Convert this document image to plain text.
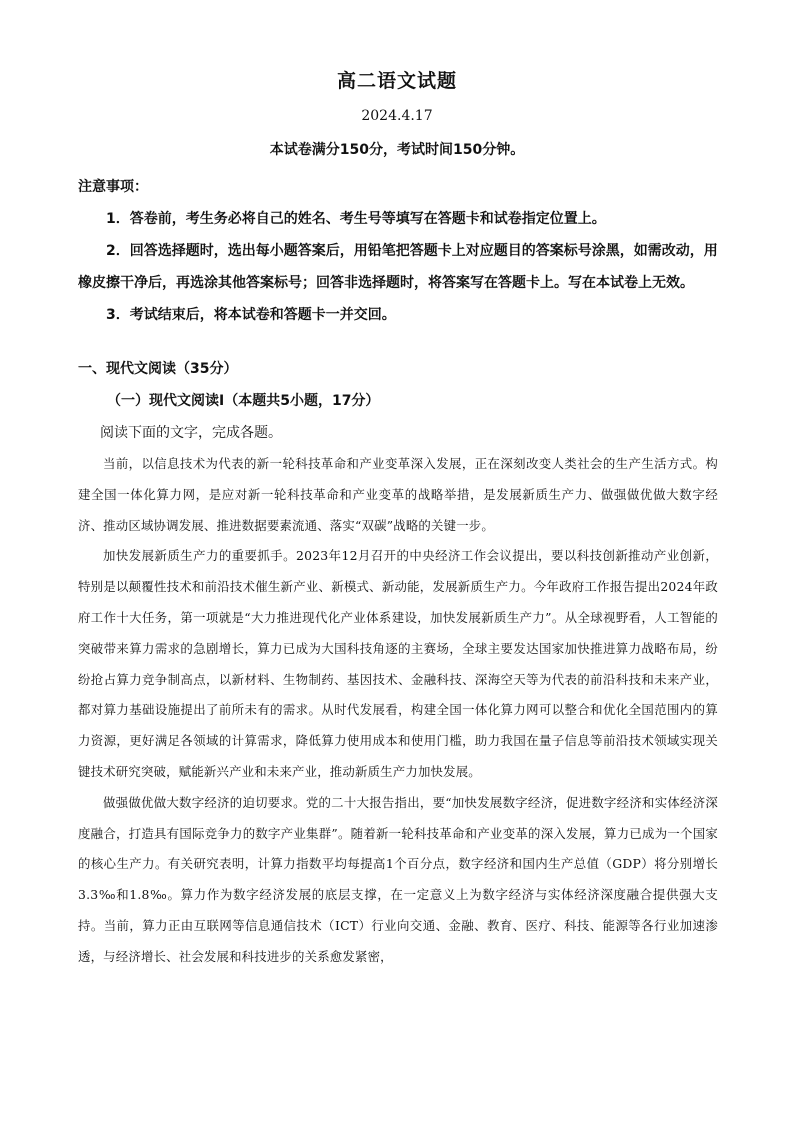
高二语文试题
2024.4.17
本试卷满分150分，考试时间150分钟。

注意事项：

1．答卷前，考生务必将自己的姓名、考生号等填写在答题卡和试卷指定位置上。

2．回答选择题时，选出每小题答案后，用铅笔把答题卡上对应题目的答案标号涂黑，如需改动，用橡皮擦干净后，再选涂其他答案标号；回答非选择题时，将答案写在答题卡上。写在本试卷上无效。

3．考试结束后，将本试卷和答题卡一并交回。

一、现代文阅读（35分）
（一）现代文阅读Ⅰ（本题共5小题，17分）
阅读下面的文字，完成各题。

当前，以信息技术为代表的新一轮科技革命和产业变革深入发展，正在深刻改变人类社会的生产生活方式。构建全国一体化算力网，是应对新一轮科技革命和产业变革的战略举措，是发展新质生产力、做强做优做大数字经济、推动区域协调发展、推进数据要素流通、落实“双碳”战略的关键一步。

加快发展新质生产力的重要抓手。2023年12月召开的中央经济工作会议提出，要以科技创新推动产业创新，特别是以颠覆性技术和前沿技术催生新产业、新模式、新动能，发展新质生产力。今年政府工作报告提出2024年政府工作十大任务，第一项就是“大力推进现代化产业体系建设，加快发展新质生产力”。从全球视野看，人工智能的突破带来算力需求的急剧增长，算力已成为大国科技角逐的主赛场，全球主要发达国家加快推进算力战略布局，纷纷抢占算力竞争制高点，以新材料、生物制药、基因技术、金融科技、深海空天等为代表的前沿科技和未来产业，都对算力基础设施提出了前所未有的需求。从时代发展看，构建全国一体化算力网可以整合和优化全国范围内的算力资源，更好满足各领域的计算需求，降低算力使用成本和使用门槛，助力我国在量子信息等前沿技术领域实现关键技术研究突破，赋能新兴产业和未来产业，推动新质生产力加快发展。

做强做优做大数字经济的迫切要求。党的二十大报告指出，要“加快发展数字经济，促进数字经济和实体经济深度融合，打造具有国际竞争力的数字产业集群”。随着新一轮科技革命和产业变革的深入发展，算力已成为一个国家的核心生产力。有关研究表明，计算力指数平均每提高1个百分点，数字经济和国内生产总值（GDP）将分别增长3.3‰和1.8‰。算力作为数字经济发展的底层支撑，在一定意义上为数字经济与实体经济深度融合提供强大支持。当前，算力正由互联网等信息通信技术（ICT）行业向交通、金融、教育、医疗、科技、能源等各行业加速渗透，与经济增长、社会发展和科技进步的关系愈发紧密，
